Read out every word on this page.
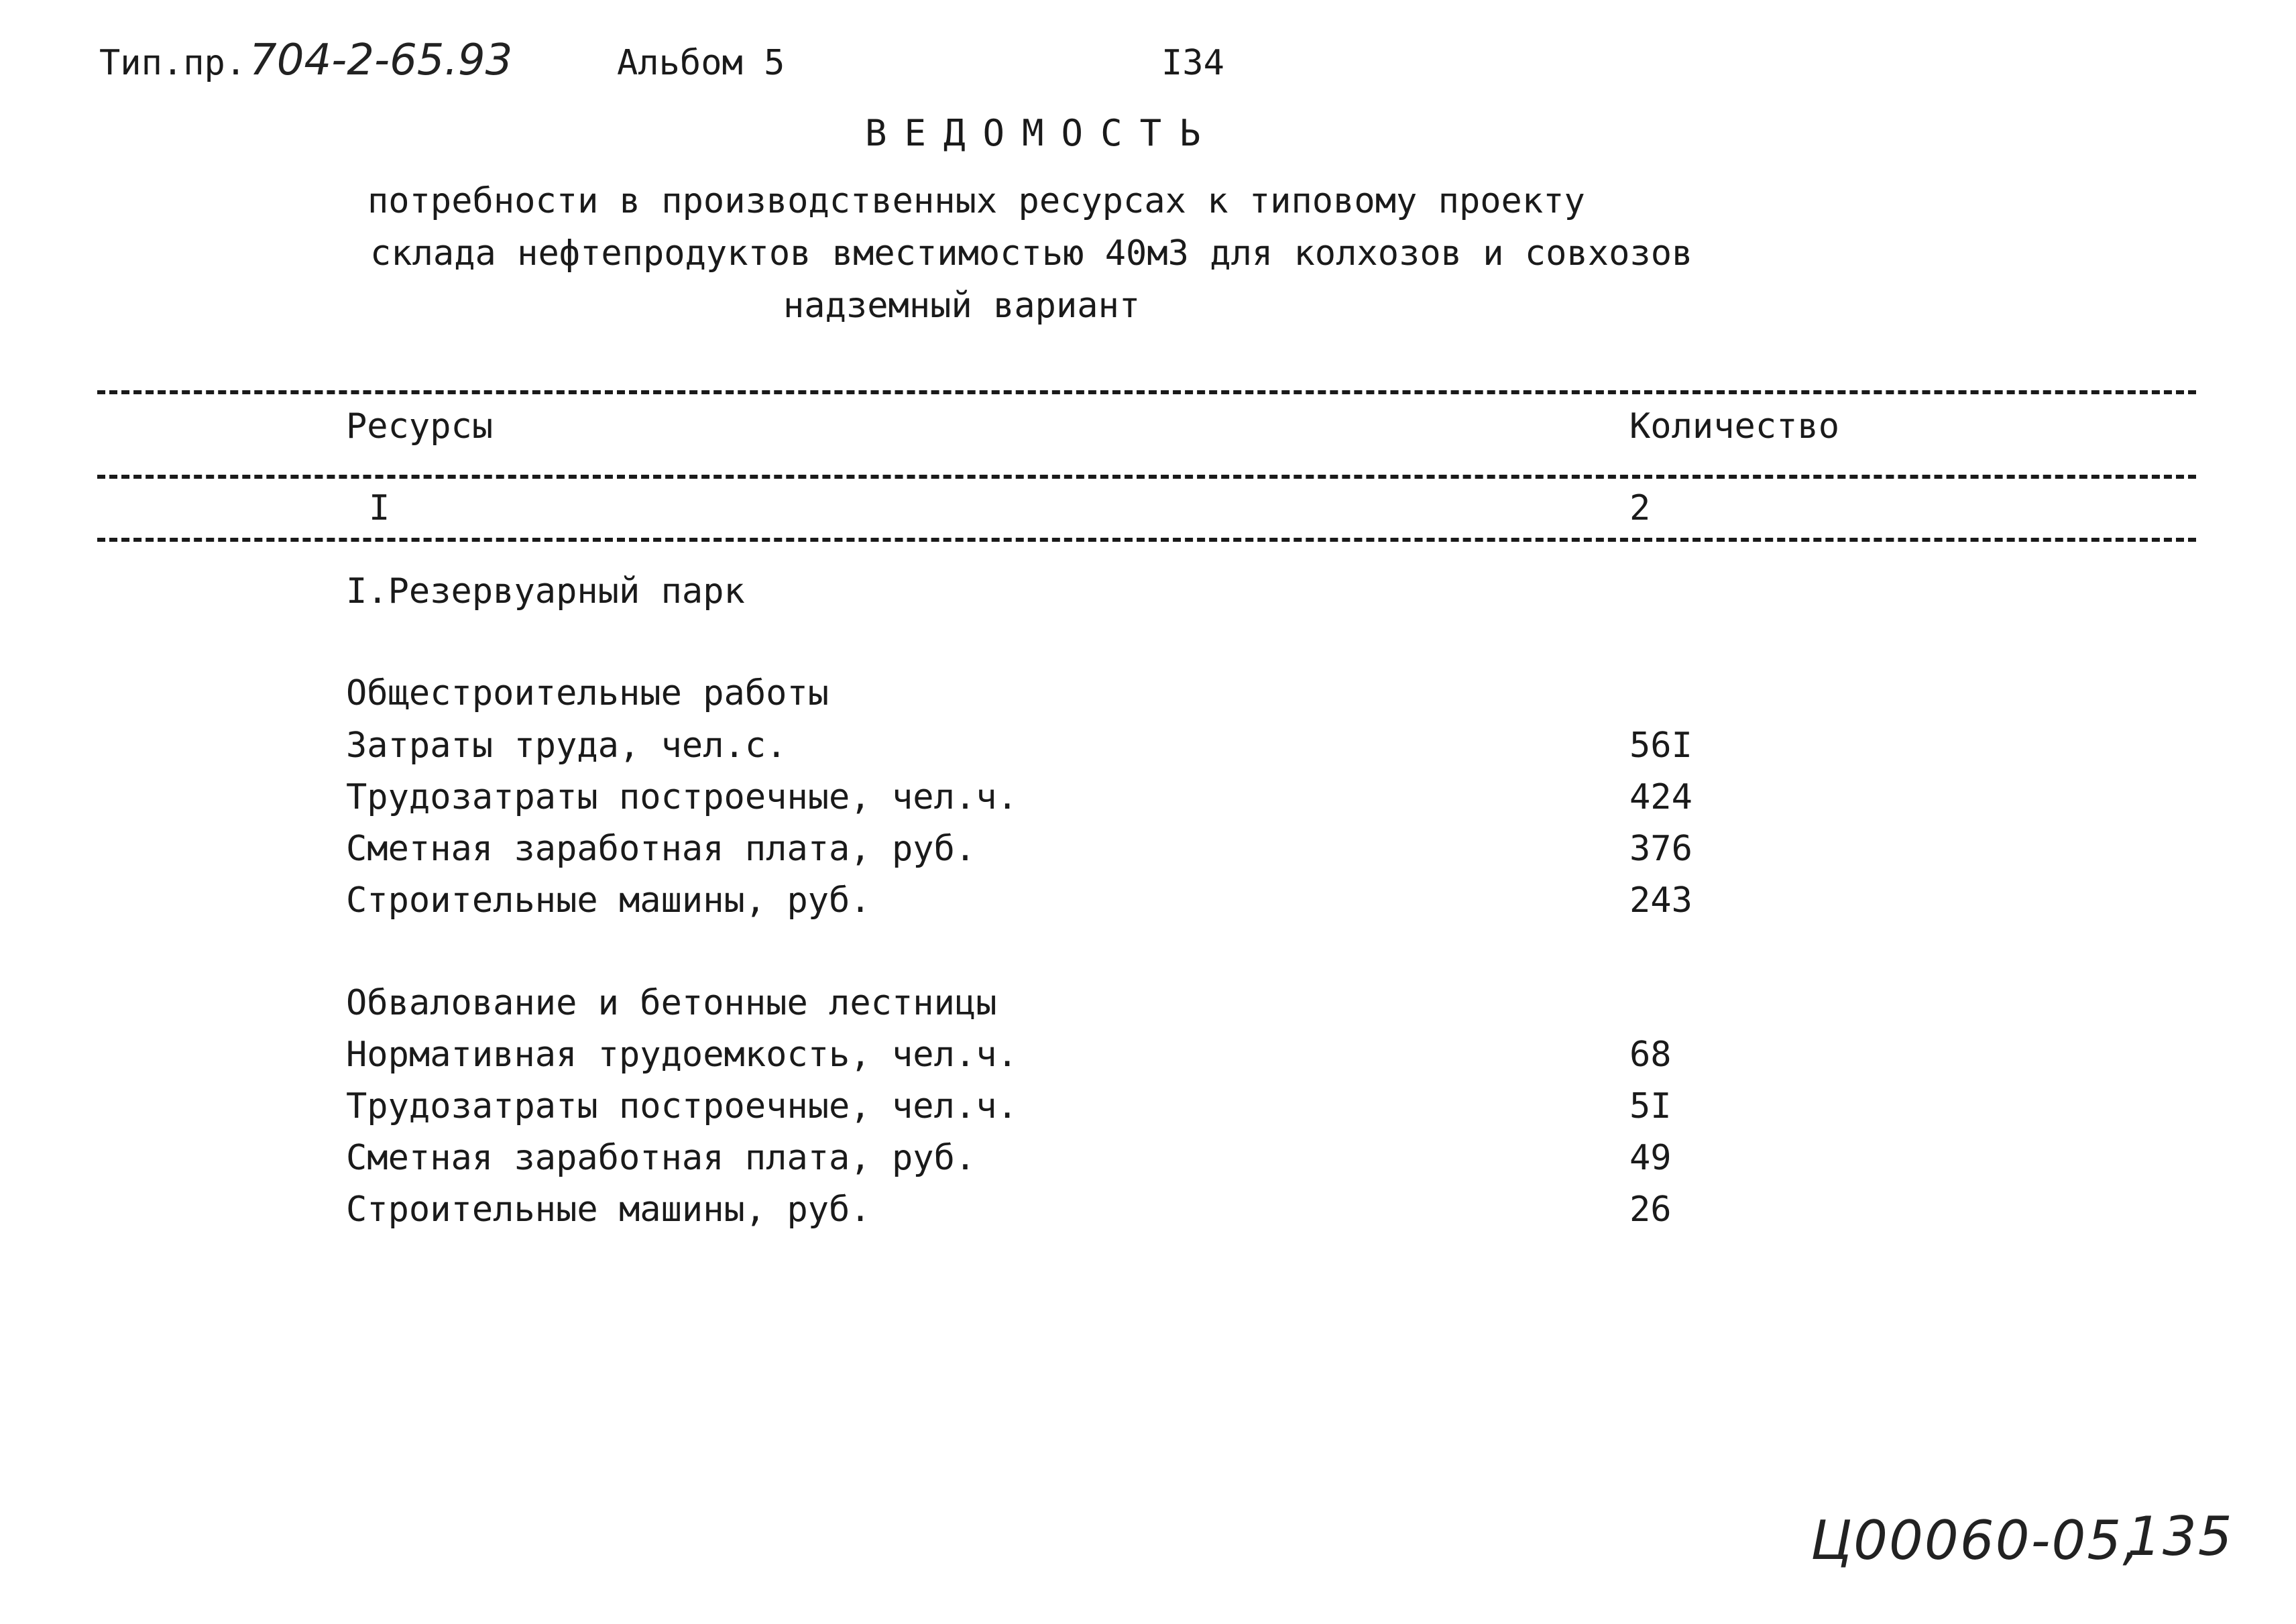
Тип.пр. 704-2-65.93	Альбом 5	I34
ВЕДОМОСТЬ
потребности в производственных ресурсах к типовому проекту
склада нефтепродуктов вместимостью 40м3 для колхозов и совхозов
надземный вариант
Ресурсы	Количество
I	2
I.Резервуарный парк
Общестроительные работы
Затраты труда, чел.с.	56I
Трудозатраты построечные, чел.ч.	424
Сметная заработная плата, руб.	376
Строительные машины, руб.	243
Обвалование и бетонные лестницы
Нормативная трудоемкость, чел.ч.	68
Трудозатраты построечные, чел.ч.	5I
Сметная заработная плата, руб.	49
Строительные машины, руб.	26
Ц00060-05,
135
